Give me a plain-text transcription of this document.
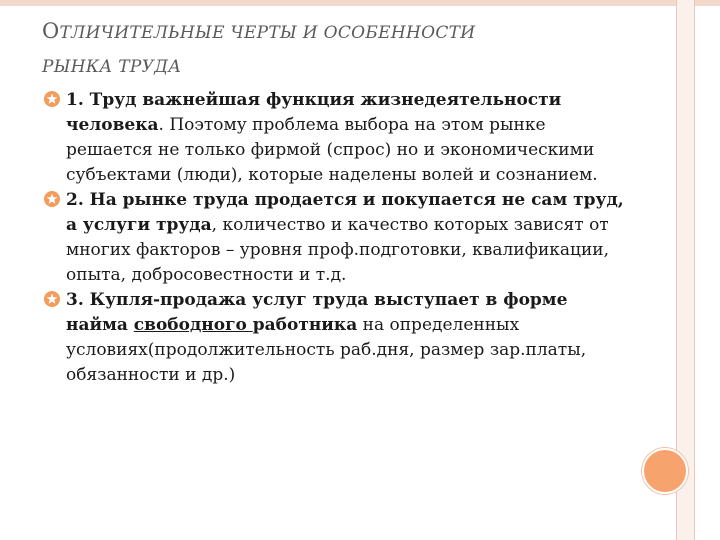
ОТЛИЧИТЕЛЬНЫЕ ЧЕРТЫ И ОСОБЕННОСТИ
РЫНКА ТРУДА
1. Труд важнейшая функция жизнедеятельности человека. Поэтому проблема выбора на этом рынке решается не только фирмой (спрос) но и экономическими субъектами (люди), которые наделены волей и сознанием.
2. На рынке труда продается и покупается не сам труд, а услуги труда, количество и качество которых зависят от многих факторов – уровня проф.подготовки, квалификации, опыта, добросовестности и т.д.
3. Купля-продажа услуг труда выступает в форме найма свободного работника на определенных условиях(продолжительность раб.дня, размер зар.платы, обязанности и др.)
